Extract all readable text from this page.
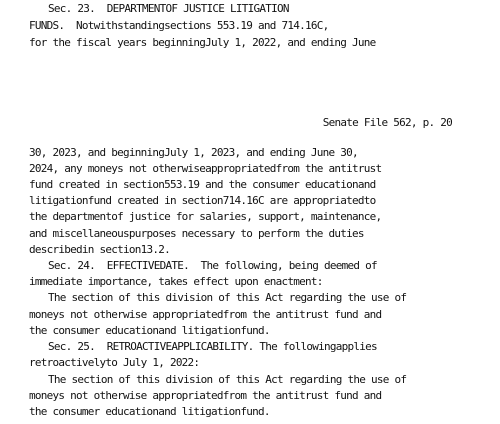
Sec. 23.  DEPARTMENTOF JUSTICE LITIGATION
FUNDS.  Notwithstandingsections 553.19 and 714.16C,
for the fiscal years beginningJuly 1, 2022, and ending June
Senate File 562, p. 20
30, 2023, and beginningJuly 1, 2023, and ending June 30,
2024, any moneys not otherwiseappropriatedfrom the antitrust
fund created in section553.19 and the consumer educationand
litigationfund created in section714.16C are appropriatedto
the departmentof justice for salaries, support, maintenance,
and miscellaneouspurposes necessary to perform the duties
describedin section13.2.
Sec. 24.  EFFECTIVEDATE.  The following, being deemed of
immediate importance, takes effect upon enactment:
The section of this division of this Act regarding the use of
moneys not otherwise appropriatedfrom the antitrust fund and
the consumer educationand litigationfund.
Sec. 25.  RETROACTIVEAPPLICABILITY. The followingapplies
retroactivelyto July 1, 2022:
The section of this division of this Act regarding the use of
moneys not otherwise appropriatedfrom the antitrust fund and
the consumer educationand litigationfund.
